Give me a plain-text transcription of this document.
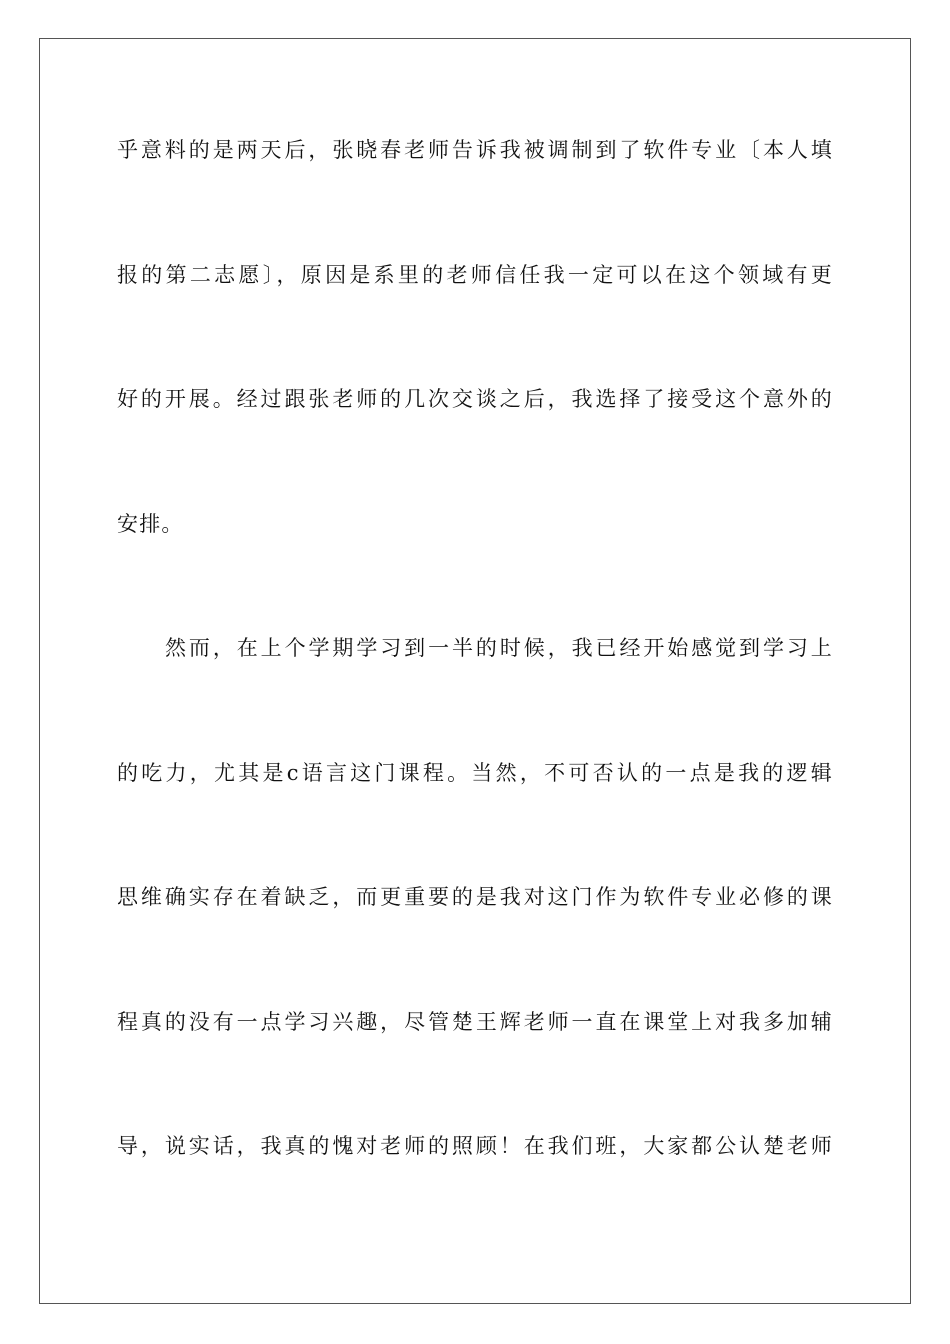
乎意料的是两天后，张晓春老师告诉我被调制到了软件专业〔本人填
报的第二志愿〕，原因是系里的老师信任我一定可以在这个领域有更
好的开展。经过跟张老师的几次交谈之后，我选择了接受这个意外的
安排。
然而，在上个学期学习到一半的时候，我已经开始感觉到学习上
的吃力，尤其是c语言这门课程。当然，不可否认的一点是我的逻辑
思维确实存在着缺乏，而更重要的是我对这门作为软件专业必修的课
程真的没有一点学习兴趣，尽管楚王辉老师一直在课堂上对我多加辅
导，说实话，我真的愧对老师的照顾！在我们班，大家都公认楚老师
